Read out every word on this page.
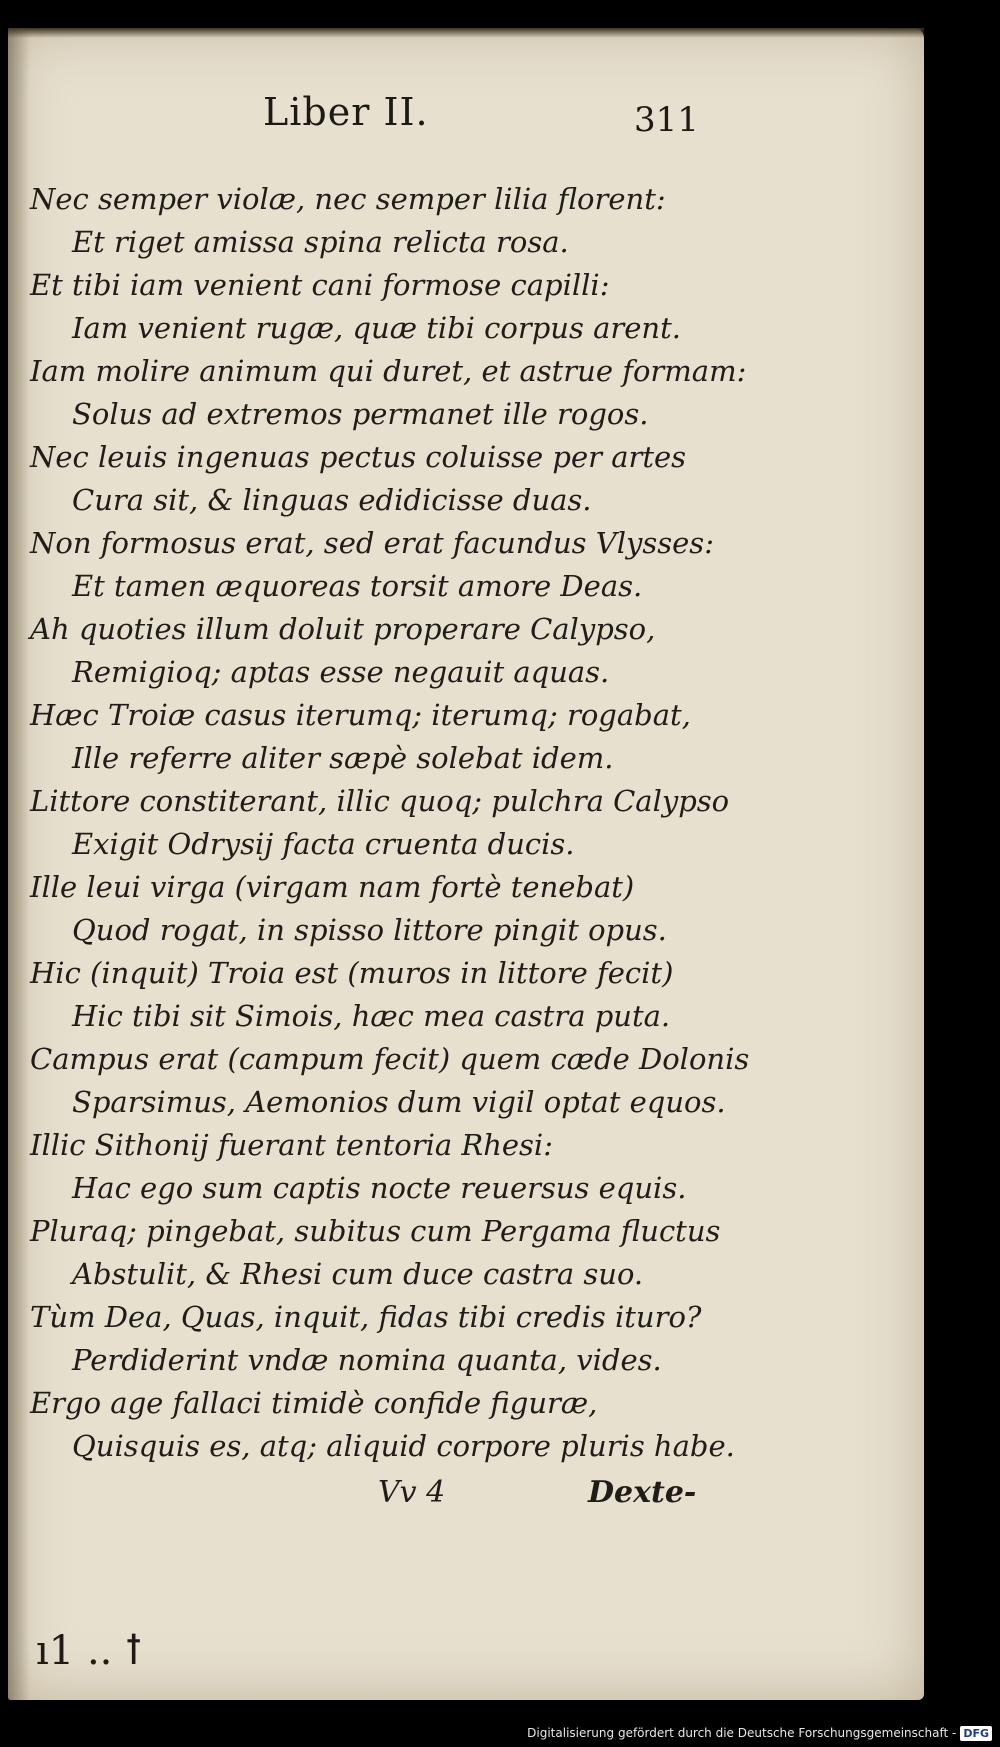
Liber II.	311
Nec semper violæ, nec semper lilia florent:
Et riget amissa spina relicta rosa.
Et tibi iam venient cani formose capilli:
Iam venient rugæ, quæ tibi corpus arent.
Iam molire animum qui duret, et astrue formam:
Solus ad extremos permanet ille rogos.
Nec leuis ingenuas pectus coluisse per artes
Cura sit, & linguas edidicisse duas.
Non formosus erat, sed erat facundus Vlysses:
Et tamen æquoreas torsit amore Deas.
Ah quoties illum doluit properare Calypso,
Remigioq; aptas esse negauit aquas.
Hæc Troiæ casus iterumq; iterumq; rogabat,
Ille referre aliter sæpè solebat idem.
Littore constiterant, illic quoq; pulchra Calypso
Exigit Odrysij facta cruenta ducis.
Ille leui virga (virgam nam fortè tenebat)
Quod rogat, in spisso littore pingit opus.
Hic (inquit) Troia est (muros in littore fecit)
Hic tibi sit Simois, hæc mea castra puta.
Campus erat (campum fecit) quem cæde Dolonis
Sparsimus, Aemonios dum vigil optat equos.
Illic Sithonij fuerant tentoria Rhesi:
Hac ego sum captis nocte reuersus equis.
Pluraq; pingebat, subitus cum Pergama fluctus
Abstulit, & Rhesi cum duce castra suo.
Tùm Dea, Quas, inquit, fidas tibi credis ituro?
Perdiderint vndæ nomina quanta, vides.
Ergo age fallaci timidè confide figuræ,
Quisquis es, atq; aliquid corpore pluris habe.
Vv 4	Dexte-
ı1 .. ꝉ
Digitalisierung gefördert durch die Deutsche Forschungsgemeinschaft - DFG
